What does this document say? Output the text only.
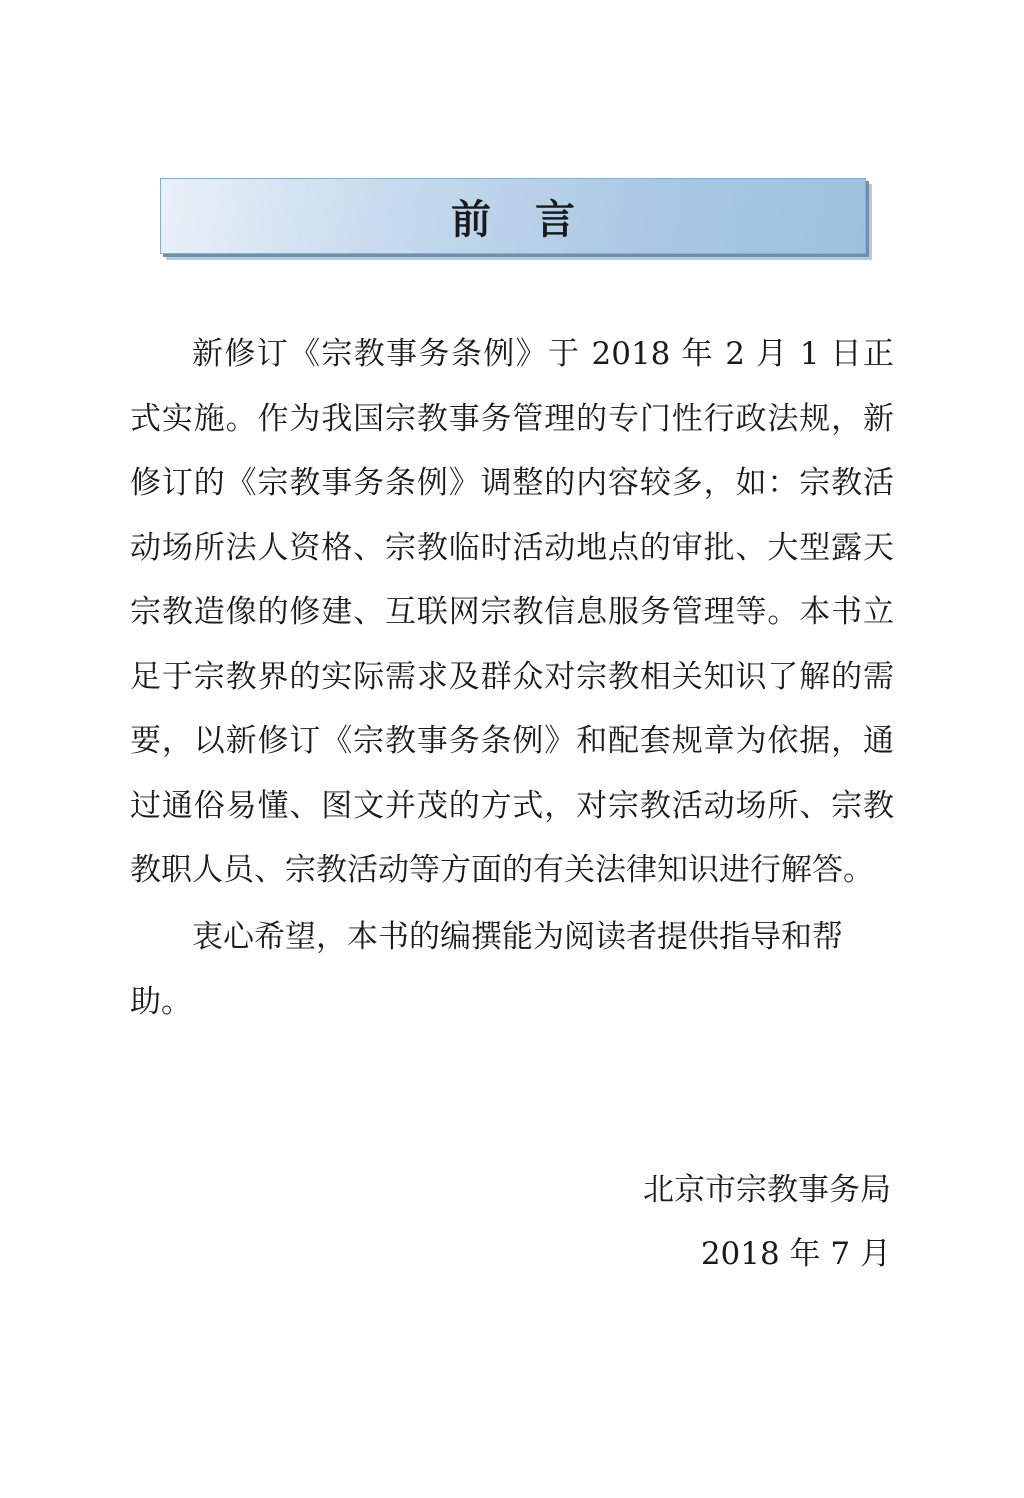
前言

新修订《宗教事务条例》于 2018 年 2 月 1 日正式实施。作为我国宗教事务管理的专门性行政法规，新修订的《宗教事务条例》调整的内容较多，如：宗教活动场所法人资格、宗教临时活动地点的审批、大型露天宗教造像的修建、互联网宗教信息服务管理等。本书立足于宗教界的实际需求及群众对宗教相关知识了解的需要，以新修订《宗教事务条例》和配套规章为依据，通过通俗易懂、图文并茂的方式，对宗教活动场所、宗教教职人员、宗教活动等方面的有关法律知识进行解答。

衷心希望，本书的编撰能为阅读者提供指导和帮助。

北京市宗教事务局
2018 年 7 月
